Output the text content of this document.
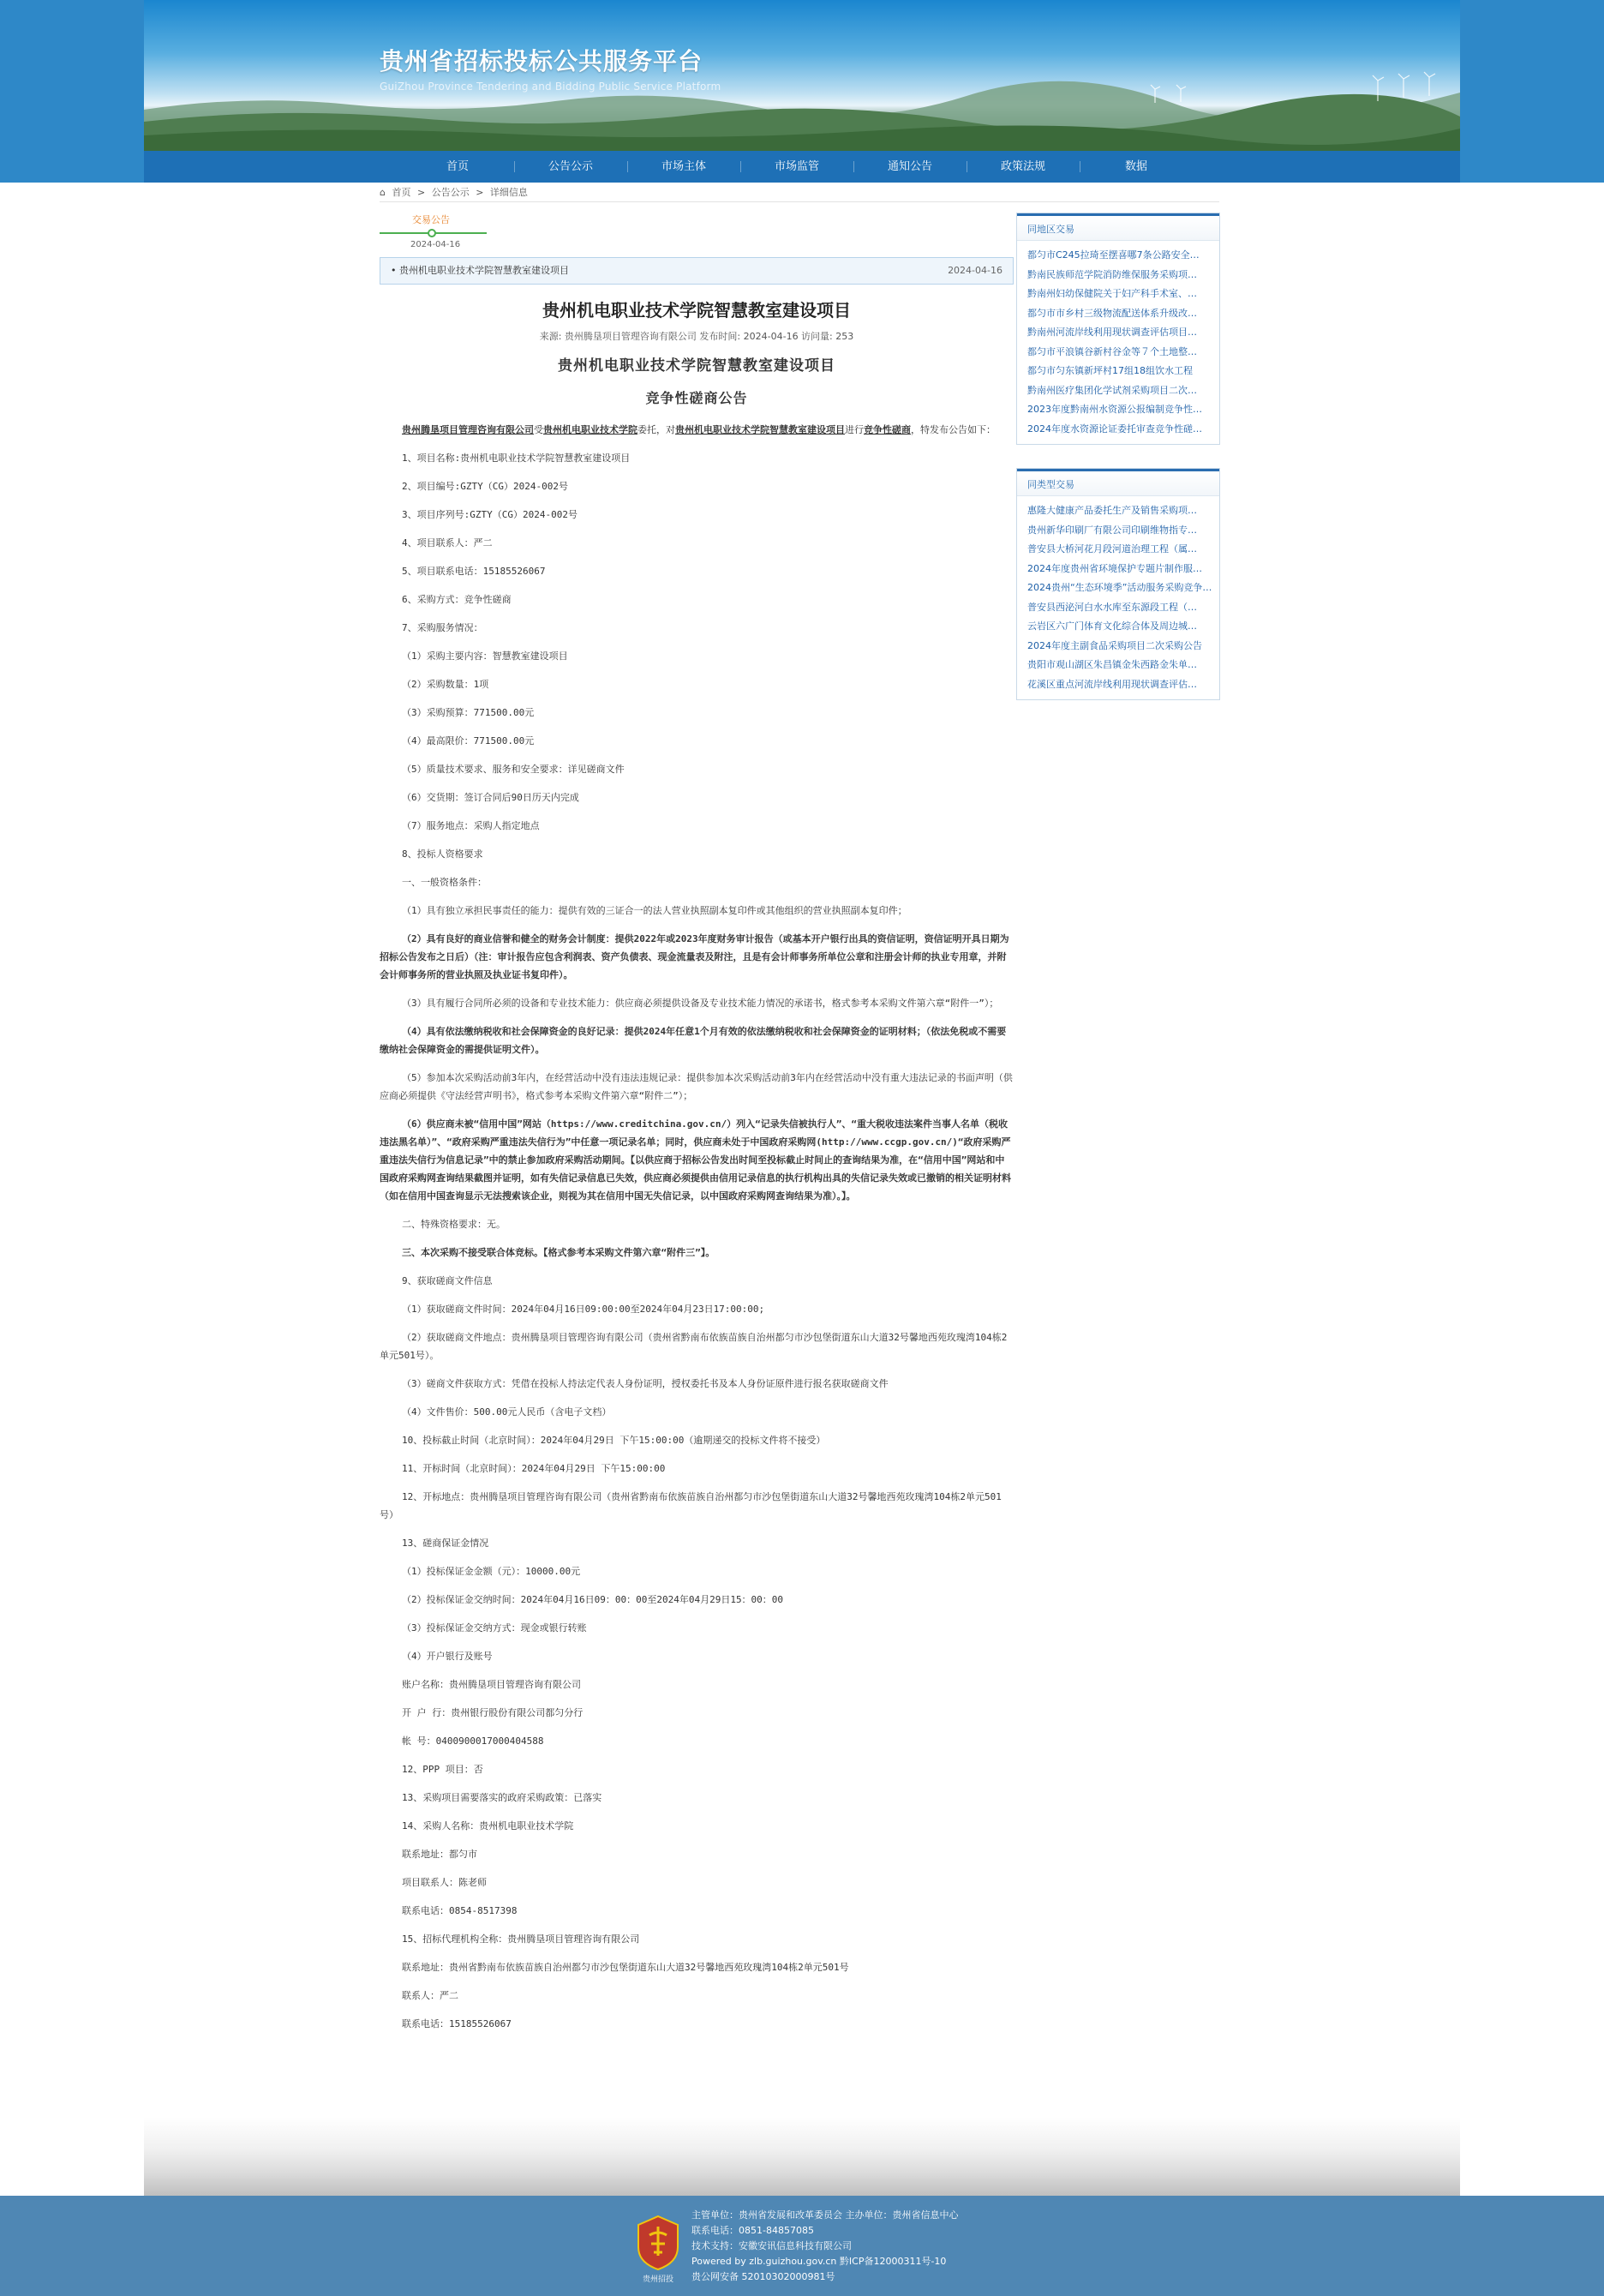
贵州省招标投标公共服务平台
GuiZhou Province Tendering and Bidding Public Service Platform
首页	公告公示	市场主体	市场监管	通知公告	政策法规	数据
⌂ 首页 > 公告公示 > 详细信息
交易公告
2024-04-16
• 贵州机电职业技术学院智慧教室建设项目	2024-04-16
贵州机电职业技术学院智慧教室建设项目
来源: 贵州腾垦项目管理咨询有限公司 发布时间: 2024-04-16 访问量: 253
贵州机电职业技术学院智慧教室建设项目
竞争性磋商公告

贵州腾垦项目管理咨询有限公司受贵州机电职业技术学院委托，对贵州机电职业技术学院智慧教室建设项目进行竞争性磋商，特发布公告如下：

1、项目名称:贵州机电职业技术学院智慧教室建设项目

2、项目编号:GZTY（CG）2024-002号

3、项目序列号:GZTY（CG）2024-002号

4、项目联系人：严二

5、项目联系电话：15185526067

6、采购方式：竞争性磋商

7、采购服务情况：

（1）采购主要内容：智慧教室建设项目

（2）采购数量：1项

（3）采购预算：771500.00元

（4）最高限价：771500.00元

（5）质量技术要求、服务和安全要求：详见磋商文件

（6）交货期：签订合同后90日历天内完成

（7）服务地点：采购人指定地点

8、投标人资格要求

一、一般资格条件：

（1）具有独立承担民事责任的能力：提供有效的三证合一的法人营业执照副本复印件或其他组织的营业执照副本复印件；

（2）具有良好的商业信誉和健全的财务会计制度：提供2022年或2023年度财务审计报告（或基本开户银行出具的资信证明，资信证明开具日期为招标公告发布之日后）（注：审计报告应包含利润表、资产负债表、现金流量表及附注，且是有会计师事务所单位公章和注册会计师的执业专用章，并附会计师事务所的营业执照及执业证书复印件）。

（3）具有履行合同所必须的设备和专业技术能力：供应商必须提供设备及专业技术能力情况的承诺书，格式参考本采购文件第六章“附件一”）；

（4）具有依法缴纳税收和社会保障资金的良好记录：提供2024年任意1个月有效的依法缴纳税收和社会保障资金的证明材料；（依法免税或不需要缴纳社会保障资金的需提供证明文件）。

（5）参加本次采购活动前3年内，在经营活动中没有违法违规记录：提供参加本次采购活动前3年内在经营活动中没有重大违法记录的书面声明（供应商必须提供《守法经营声明书》，格式参考本采购文件第六章“附件二”）；

（6）供应商未被“信用中国”网站（https://www.creditchina.gov.cn/）列入“记录失信被执行人”、“重大税收违法案件当事人名单（税收违法黑名单）”、“政府采购严重违法失信行为”中任意一项记录名单；同时，供应商未处于中国政府采购网(http://www.ccgp.gov.cn/)“政府采购严重违法失信行为信息记录”中的禁止参加政府采购活动期间。【以供应商于招标公告发出时间至投标截止时间止的查询结果为准，在“信用中国”网站和中国政府采购网查询结果截图并证明，如有失信记录信息已失效，供应商必须提供由信用记录信息的执行机构出具的失信记录失效或已撤销的相关证明材料（如在信用中国查询显示无法搜索该企业，则视为其在信用中国无失信记录，以中国政府采购网查询结果为准）。】。

二、特殊资格要求：无。

三、本次采购不接受联合体竞标。【格式参考本采购文件第六章“附件三”】。

9、获取磋商文件信息

（1）获取磋商文件时间：2024年04月16日09:00:00至2024年04月23日17:00:00;

（2）获取磋商文件地点：贵州腾垦项目管理咨询有限公司（贵州省黔南布依族苗族自治州都匀市沙包堡街道东山大道32号馨地西苑玫瑰湾104栋2单元501号）。

（3）磋商文件获取方式：凭借在投标人持法定代表人身份证明，授权委托书及本人身份证原件进行报名获取磋商文件

（4）文件售价：500.00元人民币（含电子文档）

10、投标截止时间（北京时间）：2024年04月29日 下午15:00:00（逾期递交的投标文件将不接受）

11、开标时间（北京时间）：2024年04月29日 下午15:00:00

12、开标地点：贵州腾垦项目管理咨询有限公司（贵州省黔南布依族苗族自治州都匀市沙包堡街道东山大道32号馨地西苑玫瑰湾104栋2单元501号）

13、磋商保证金情况

（1）投标保证金金额（元）：10000.00元

（2）投标保证金交纳时间：2024年04月16日09：00：00至2024年04月29日15：00：00

（3）投标保证金交纳方式：现金或银行转账

（4）开户银行及账号

账户名称：贵州腾垦项目管理咨询有限公司

开 户 行：贵州银行股份有限公司都匀分行

帐 号：0400900017000404588

12、PPP 项目：否

13、采购项目需要落实的政府采购政策：已落实

14、采购人名称：贵州机电职业技术学院

联系地址：都匀市

项目联系人：陈老师

联系电话：0854-8517398

15、招标代理机构全称：贵州腾垦项目管理咨询有限公司

联系地址：贵州省黔南布依族苗族自治州都匀市沙包堡街道东山大道32号馨地西苑玫瑰湾104栋2单元501号

联系人：严二

联系电话：15185526067

同地区交易
都匀市C245拉琦至摆喜哪7条公路安全…
黔南民族师范学院消防维保服务采购项…
黔南州妇幼保健院关于妇产科手术室、…
都匀市市乡村三级物流配送体系升级改…
黔南州河流岸线利用现状调查评估项目…
都匀市平浪镇谷新村谷金等７个土地整…
都匀市匀东镇新坪村17组18组饮水工程
黔南州医疗集团化学试剂采购项目二次…
2023年度黔南州水资源公报编制竞争性…
2024年度水资源论证委托审查竞争性磋…
同类型交易
惠隆大健康产品委托生产及销售采购项…
贵州新华印刷厂有限公司印刷维物指专…
普安县大桥河花月段河道治理工程（属…
2024年度贵州省环境保护专题片制作服…
2024贵州“生态环境季”活动服务采购竞争…
普安县西泌河白水水库至东源段工程（…
云岩区六广门体育文化综合体及周边城…
2024年度主副食品采购项目二次采购公告
贵阳市观山湖区朱昌镇金朱西路金朱单…
花溪区重点河流岸线利用现状调查评估…
贵州招投
主管单位：贵州省发展和改革委员会 主办单位：贵州省信息中心
联系电话：0851-84857085
技术支持：安徽安讯信息科技有限公司
Powered by zlb.guizhou.gov.cn 黔ICP备12000311号-10
贵公网安备 52010302000981号
